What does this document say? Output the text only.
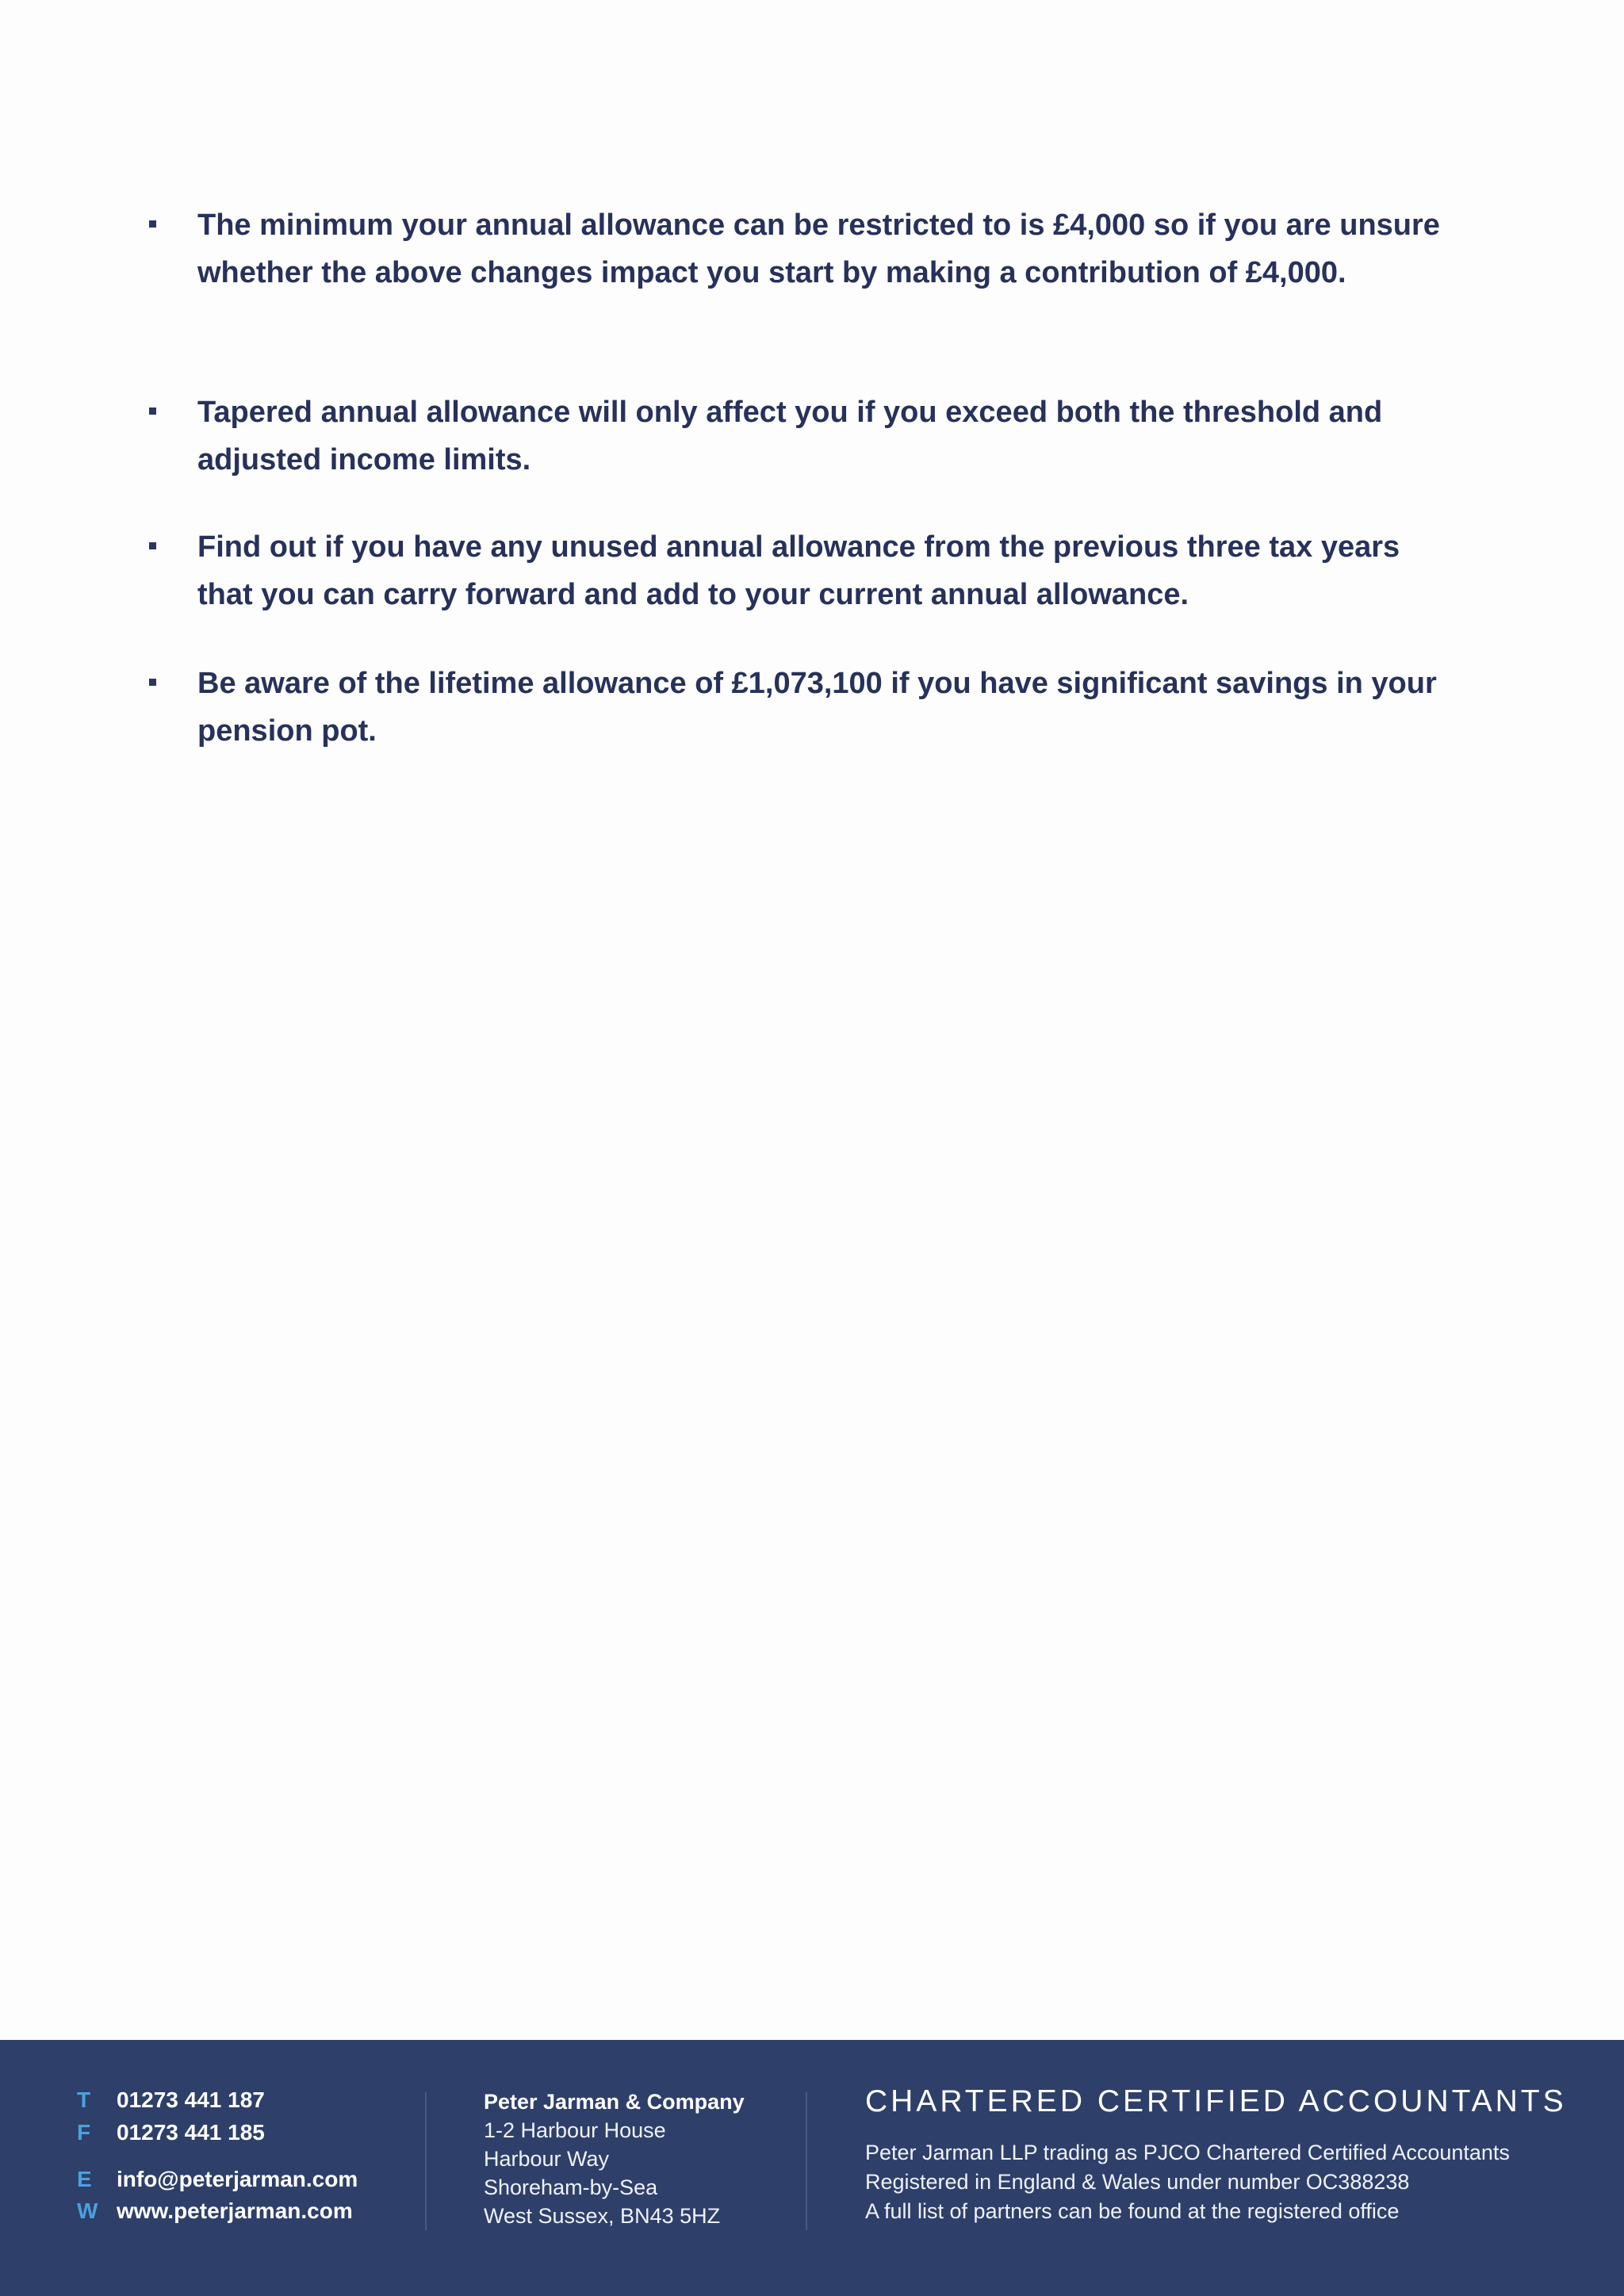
The minimum your annual allowance can be restricted to is £4,000 so if you are unsure whether the above changes impact you start by making a contribution of £4,000.
Tapered annual allowance will only affect you if you exceed both the threshold and adjusted income limits.
Find out if you have any unused annual allowance from the previous three tax years that you can carry forward and add to your current annual allowance.
Be aware of the lifetime allowance of £1,073,100 if you have significant savings in your pension pot.
T 01273 441 187
F 01273 441 185
E info@peterjarman.com
W www.peterjarman.com
Peter Jarman & Company
1-2 Harbour House
Harbour Way
Shoreham-by-Sea
West Sussex, BN43 5HZ
CHARTERED CERTIFIED ACCOUNTANTS
Peter Jarman LLP trading as PJCO Chartered Certified Accountants
Registered in England & Wales under number OC388238
A full list of partners can be found at the registered office
